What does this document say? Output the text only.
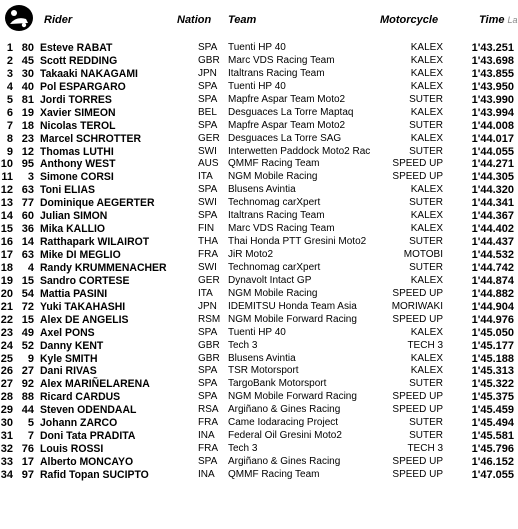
Rider	Nation Team	Motorcycle	Time La
1 80 Esteve RABAT	SPA Tuenti HP 40	KALEX	1'43.251
2 45 Scott REDDING	GBR Marc VDS Racing Team	KALEX	1'43.698
3 30 Takaaki NAKAGAMI	JPN Italtrans Racing Team	KALEX	1'43.855
4 40 Pol ESPARGARO	SPA Tuenti HP 40	KALEX	1'43.950
5 81 Jordi TORRES	SPA Mapfre Aspar Team Moto2	SUTER	1'43.990
6 19 Xavier SIMEON	BEL Desguaces La Torre Maptaq	KALEX	1'43.994
7 18 Nicolas TEROL	SPA Mapfre Aspar Team Moto2	SUTER	1'44.008
8 23 Marcel SCHROTTER	GER Desguaces La Torre SAG	KALEX	1'44.017
9 12 Thomas LUTHI	SWI Interwetten Paddock Moto2 Rac	SUTER	1'44.055
10 95 Anthony WEST	AUS QMMF Racing Team	SPEED UP	1'44.271
11	3 Simone CORSI	ITA NGM Mobile Racing	SPEED UP	1'44.305
12 63 Toni ELIAS	SPA Blusens Avintia	KALEX	1'44.320
13 77 Dominique AEGERTER	SWI Technomag carXpert	SUTER	1'44.341
14 60 Julian SIMON	SPA Italtrans Racing Team	KALEX	1'44.367
15 36 Mika KALLIO	FIN Marc VDS Racing Team	KALEX	1'44.402
16 14 Ratthapark WILAIROT	THA Thai Honda PTT Gresini Moto2	SUTER	1'44.437
17 63 Mike DI MEGLIO	FRA JiR Moto2	MOTOBI	1'44.532
18	4 Randy KRUMMENACHER	SWI Technomag carXpert	SUTER	1'44.742
19 15 Sandro CORTESE	GER Dynavolt Intact GP	KALEX	1'44.874
20 54 Mattia PASINI	ITA NGM Mobile Racing	SPEED UP	1'44.882
21 72 Yuki TAKAHASHI	JPN IDEMITSU Honda Team Asia	MORIWAKI	1'44.904
22 15 Alex DE ANGELIS	RSM NGM Mobile Forward Racing	SPEED UP	1'44.976
23 49 Axel PONS	SPA Tuenti HP 40	KALEX	1'45.050
24 52 Danny KENT	GBR Tech 3	TECH 3	1'45.177
25	9 Kyle SMITH	GBR Blusens Avintia	KALEX	1'45.188
26 27 Dani RIVAS	SPA TSR Motorsport	KALEX	1'45.313
27 92 Alex MARIÑELARENA	SPA TargoBank Motorsport	SUTER	1'45.322
28 88 Ricard CARDUS	SPA NGM Mobile Forward Racing	SPEED UP	1'45.375
29 44 Steven ODENDAAL	RSA Argiñano & Gines Racing	SPEED UP	1'45.459
30	5 Johann ZARCO	FRA Came Iodaracing Project	SUTER	1'45.494
31	7 Doni Tata PRADITA	INA Federal Oil Gresini Moto2	SUTER	1'45.581
32 76 Louis ROSSI	FRA Tech 3	TECH 3	1'45.796
33 17 Alberto MONCAYO	SPA Argiñano & Gines Racing	SPEED UP	1'46.152
34 97 Rafid Topan SUCIPTO	INA QMMF Racing Team	SPEED UP	1'47.055
